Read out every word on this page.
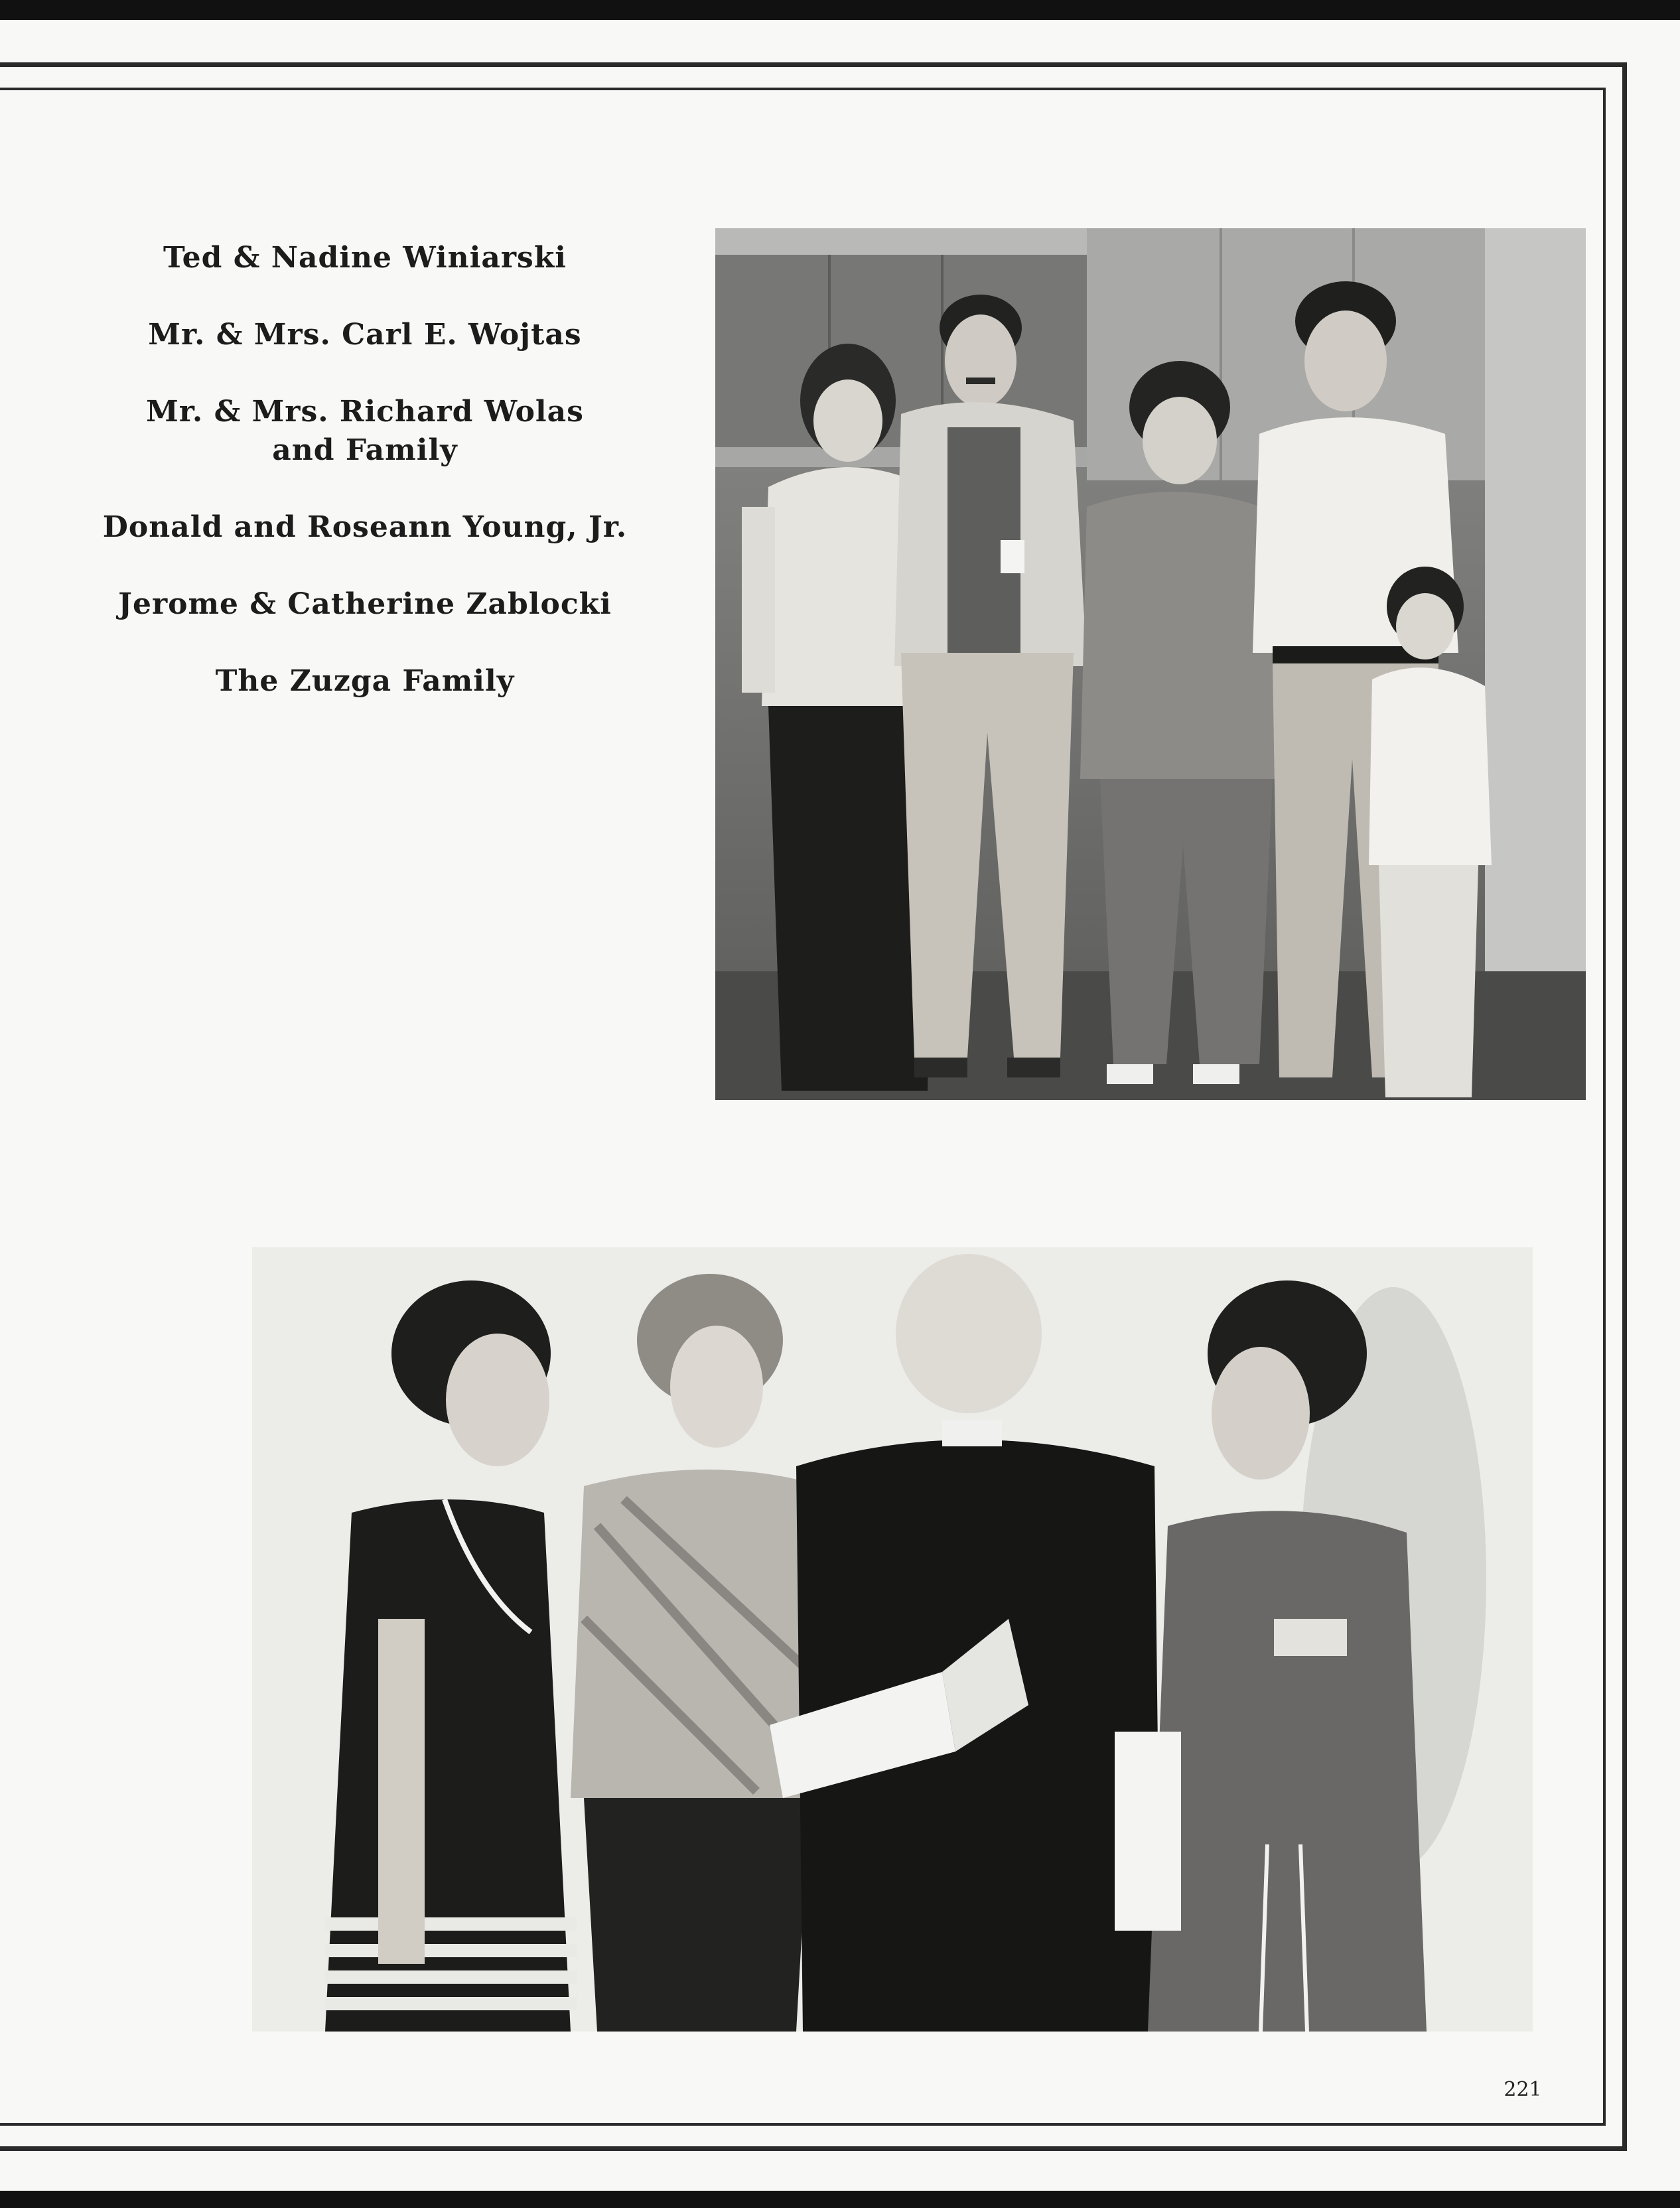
Ted & Nadine Winiarski
Mr. & Mrs. Carl E. Wojtas
Mr. & Mrs. Richard Wolas
and Family
Donald and Roseann Young, Jr.
Jerome & Catherine Zablocki
The Zuzga Family
221
